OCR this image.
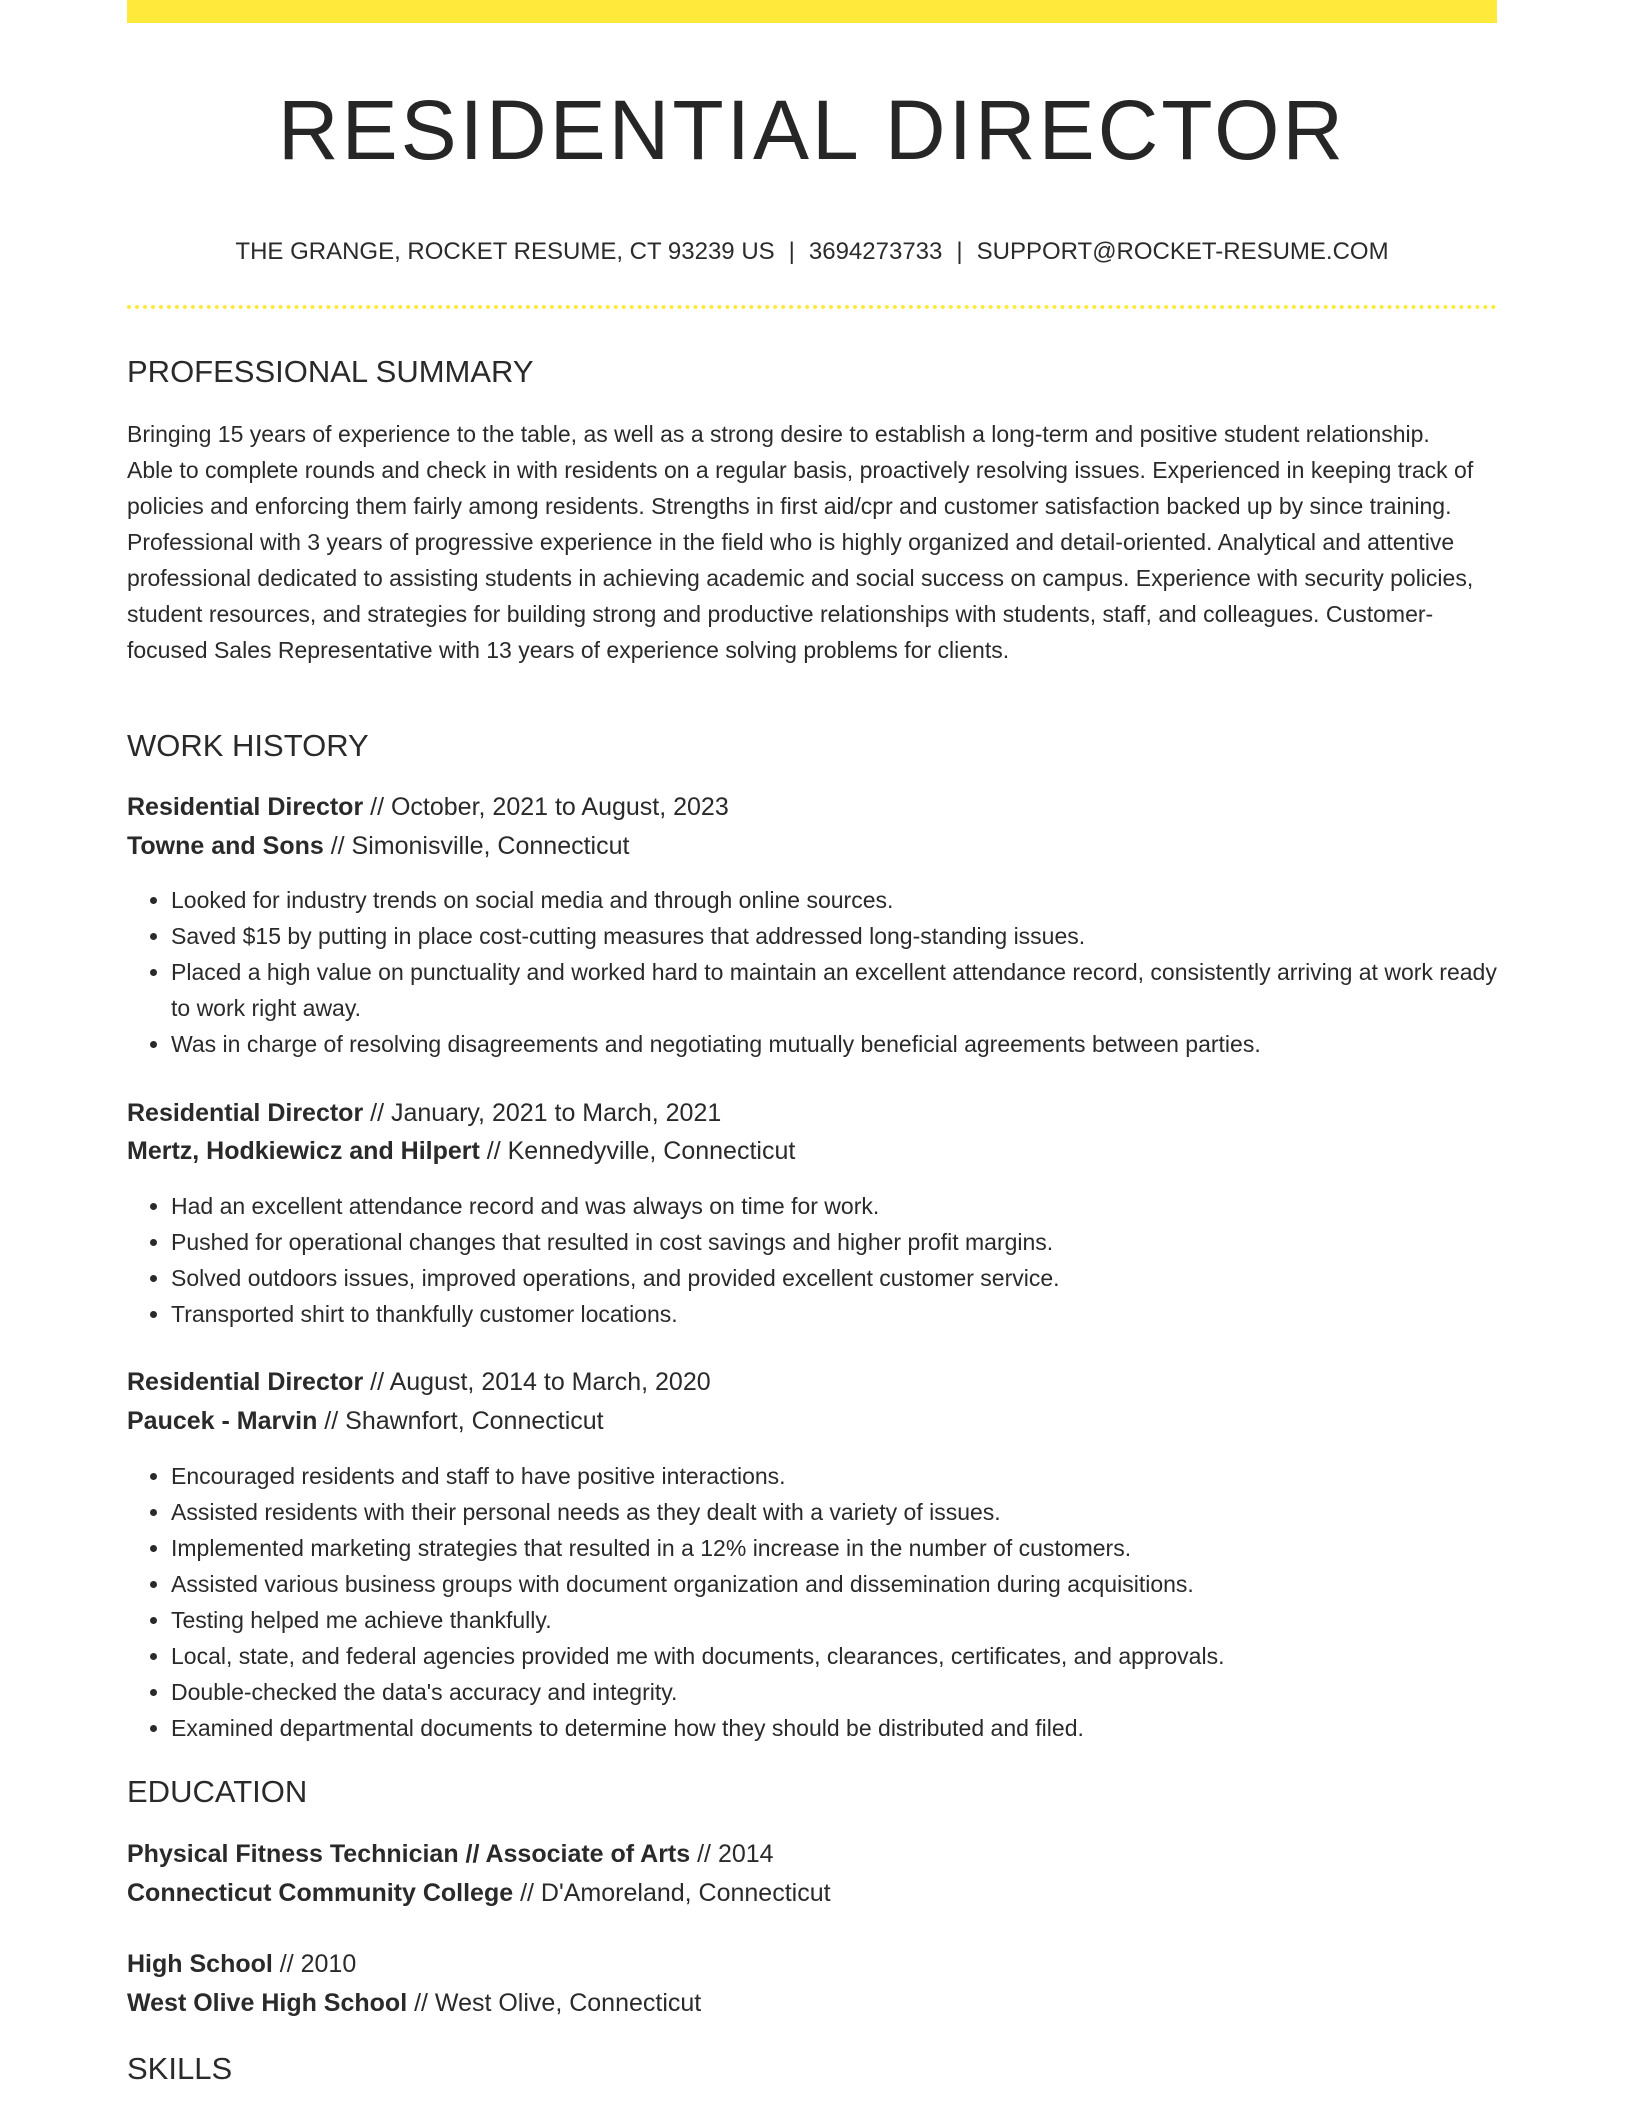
RESIDENTIAL DIRECTOR
THE GRANGE, ROCKET RESUME, CT 93239 US | 3694273733 | SUPPORT@ROCKET-RESUME.COM
PROFESSIONAL SUMMARY

Bringing 15 years of experience to the table, as well as a strong desire to establish a long-term and positive student relationship. Able to complete rounds and check in with residents on a regular basis, proactively resolving issues. Experienced in keeping track of policies and enforcing them fairly among residents. Strengths in first aid/cpr and customer satisfaction backed up by since training. Professional with 3 years of progressive experience in the field who is highly organized and detail-oriented. Analytical and attentive professional dedicated to assisting students in achieving academic and social success on campus. Experience with security policies, student resources, and strategies for building strong and productive relationships with students, staff, and colleagues. Customer-focused Sales Representative with 13 years of experience solving problems for clients.

WORK HISTORY
Residential Director // October, 2021 to August, 2023
Towne and Sons // Simonisville, Connecticut
• Looked for industry trends on social media and through online sources.
• Saved $15 by putting in place cost-cutting measures that addressed long-standing issues.
• Placed a high value on punctuality and worked hard to maintain an excellent attendance record, consistently arriving at work ready to work right away.
• Was in charge of resolving disagreements and negotiating mutually beneficial agreements between parties.
Residential Director // January, 2021 to March, 2021
Mertz, Hodkiewicz and Hilpert // Kennedyville, Connecticut
• Had an excellent attendance record and was always on time for work.
• Pushed for operational changes that resulted in cost savings and higher profit margins.
• Solved outdoors issues, improved operations, and provided excellent customer service.
• Transported shirt to thankfully customer locations.
Residential Director // August, 2014 to March, 2020
Paucek - Marvin // Shawnfort, Connecticut
• Encouraged residents and staff to have positive interactions.
• Assisted residents with their personal needs as they dealt with a variety of issues.
• Implemented marketing strategies that resulted in a 12% increase in the number of customers.
• Assisted various business groups with document organization and dissemination during acquisitions.
• Testing helped me achieve thankfully.
• Local, state, and federal agencies provided me with documents, clearances, certificates, and approvals.
• Double-checked the data's accuracy and integrity.
• Examined departmental documents to determine how they should be distributed and filed.
EDUCATION
Physical Fitness Technician // Associate of Arts // 2014
Connecticut Community College // D'Amoreland, Connecticut
High School // 2010
West Olive High School // West Olive, Connecticut
SKILLS
